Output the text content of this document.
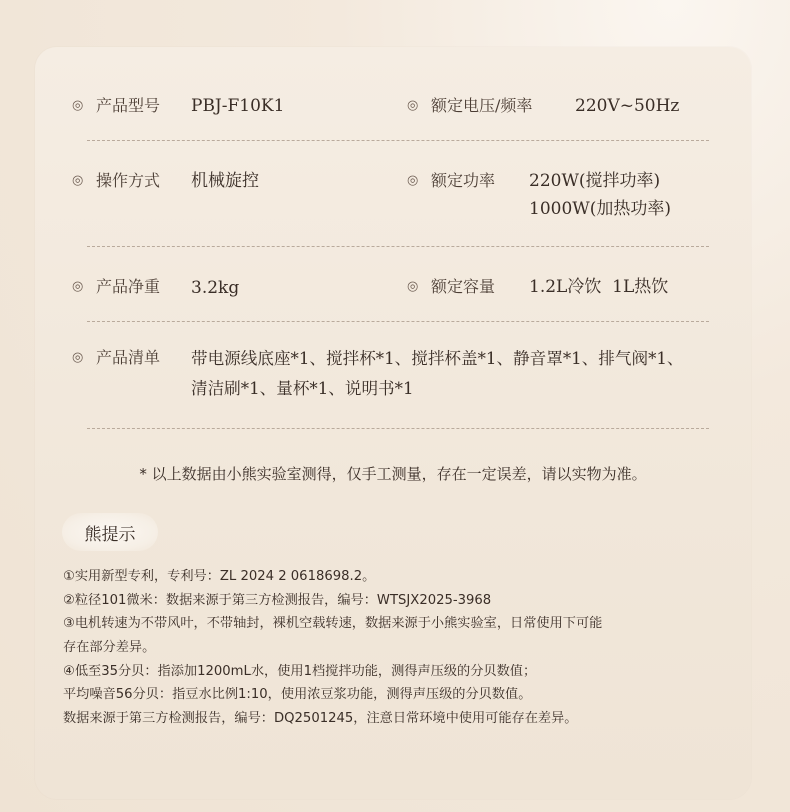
◎ 产品型号 PBJ-F10K1	◎ 额定电压/频率	220V~50Hz
◎ 操作方式 机械旋控	◎ 额定功率 220W(搅拌功率)
1000W(加热功率)
◎ 产品净重 3.2kg	◎ 额定容量 1.2L冷饮  1L热饮
◎ 产品清单 带电源线底座*1、搅拌杯*1、搅拌杯盖*1、静音罩*1、排气阀*1、
清洁刷*1、量杯*1、说明书*1
* 以上数据由小熊实验室测得，仅手工测量，存在一定误差，请以实物为准。
熊提示
①实用新型专利，专利号：ZL 2024 2 0618698.2。
②粒径101微米：数据来源于第三方检测报告，编号：WTSJX2025-3968
③电机转速为不带风叶，不带轴封，裸机空载转速，数据来源于小熊实验室，日常使用下可能
存在部分差异。
④低至35分贝：指添加1200mL水，使用1档搅拌功能，测得声压级的分贝数值；
平均噪音56分贝：指豆水比例1:10，使用浓豆浆功能，测得声压级的分贝数值。
数据来源于第三方检测报告，编号：DQ2501245，注意日常环境中使用可能存在差异。
